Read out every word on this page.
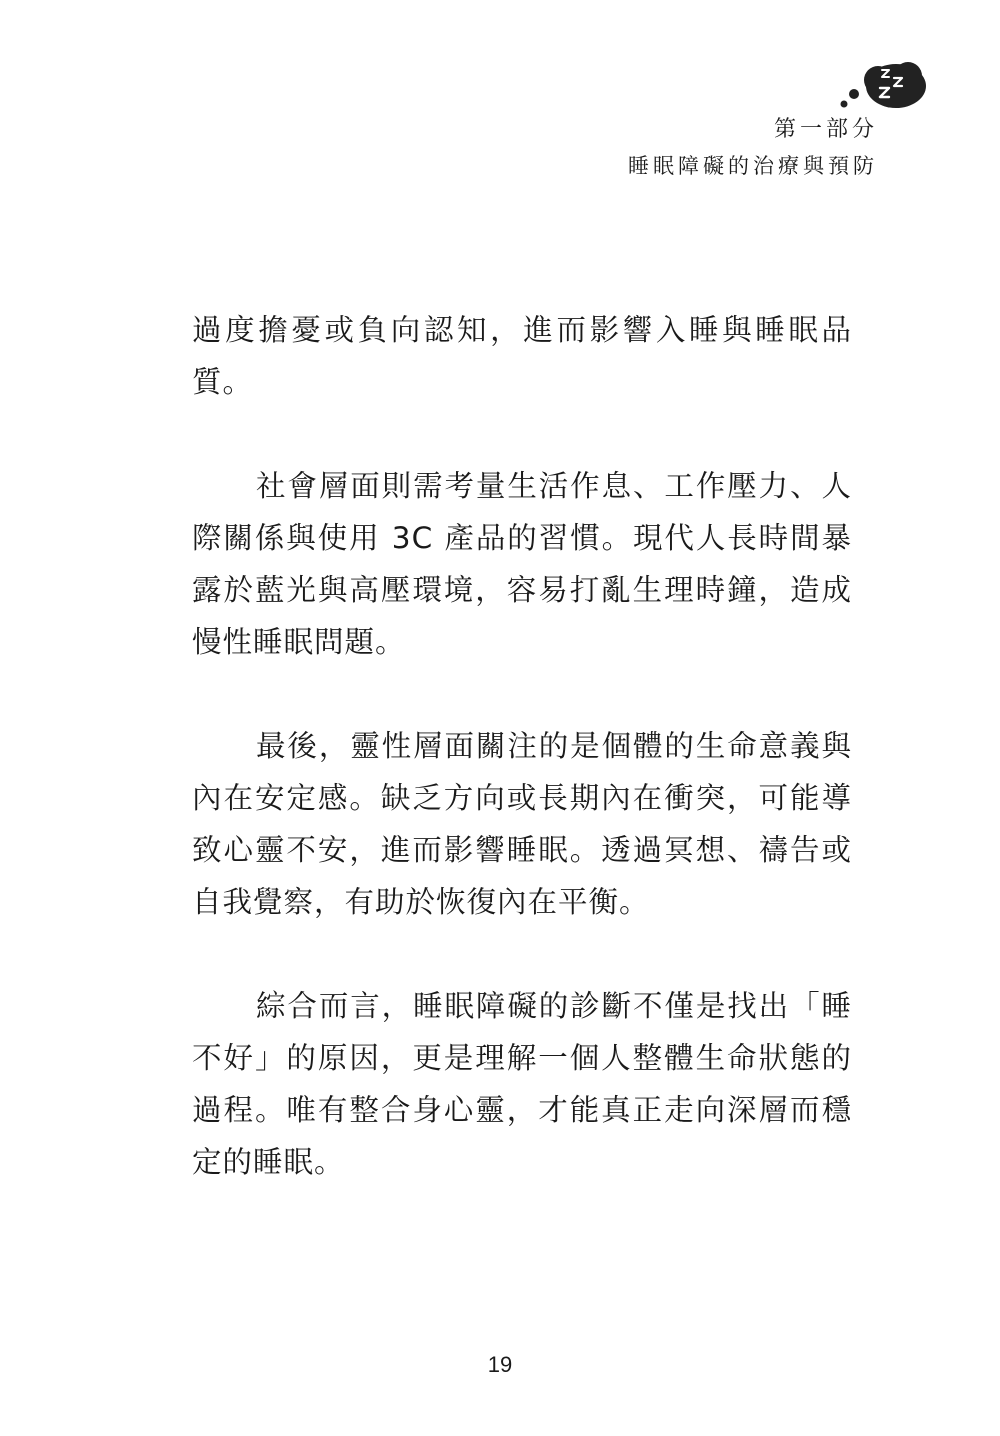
第一部分
睡眠障礙的治療與預防

過度擔憂或負向認知，進而影響入睡與睡眠品質。

社會層面則需考量生活作息、工作壓力、人際關係與使用 3C 產品的習慣。現代人長時間暴露於藍光與高壓環境，容易打亂生理時鐘，造成慢性睡眠問題。

最後，靈性層面關注的是個體的生命意義與內在安定感。缺乏方向或長期內在衝突，可能導致心靈不安，進而影響睡眠。透過冥想、禱告或自我覺察，有助於恢復內在平衡。

綜合而言，睡眠障礙的診斷不僅是找出「睡不好」的原因，更是理解一個人整體生命狀態的過程。唯有整合身心靈，才能真正走向深層而穩定的睡眠。

19
